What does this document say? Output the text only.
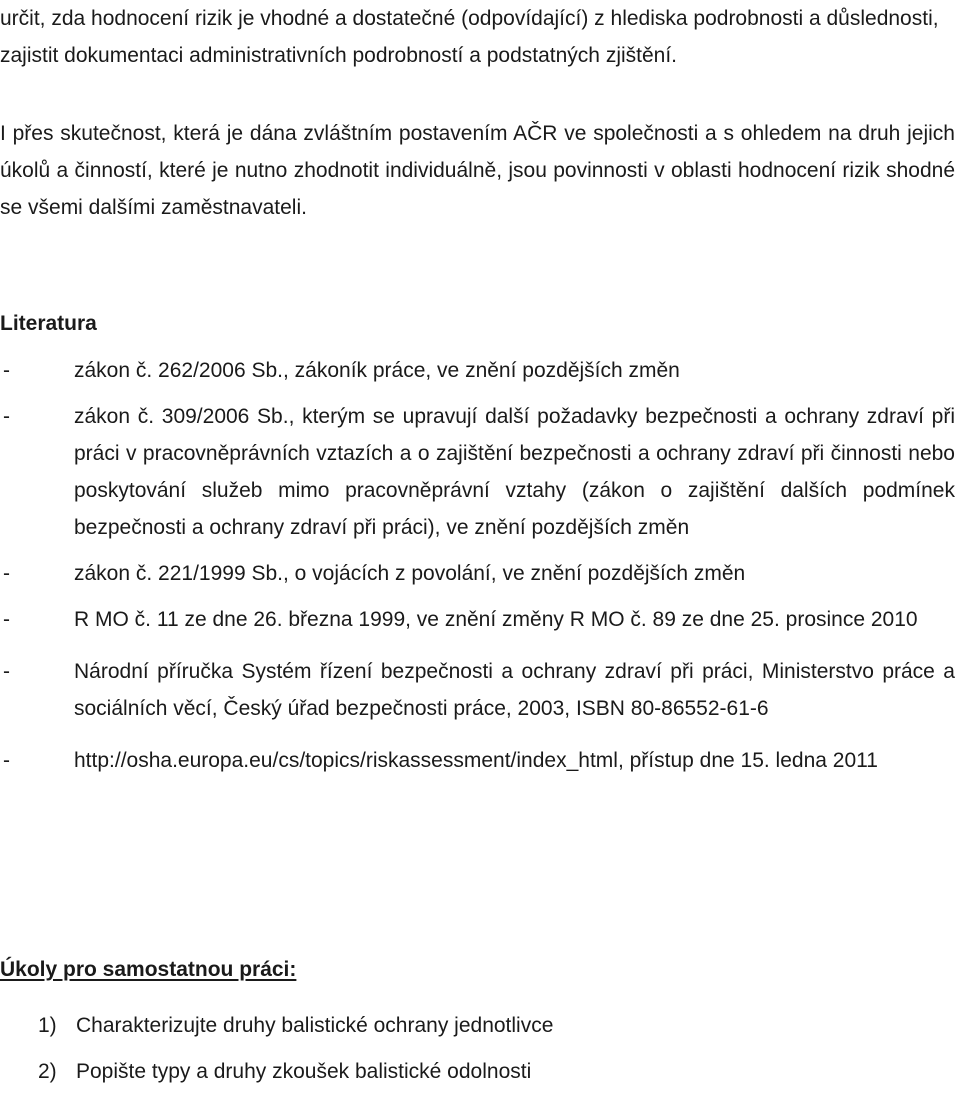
určit, zda hodnocení rizik je vhodné a dostatečné (odpovídající) z hlediska podrobnosti a důslednosti,

zajistit dokumentaci administrativních podrobností a podstatných zjištění.

I přes skutečnost, která je dána zvláštním postavením AČR ve společnosti a s ohledem na druh jejich úkolů a činností, které je nutno zhodnotit individuálně, jsou povinnosti v oblasti hodnocení rizik shodné se všemi dalšími zaměstnavateli.

Literatura

-	zákon č. 262/2006 Sb., zákoník práce, ve znění pozdějších změn
-	zákon č. 309/2006 Sb., kterým se upravují další požadavky bezpečnosti a ochrany zdraví při práci v pracovněprávních vztazích a o zajištění bezpečnosti a ochrany zdraví při činnosti nebo poskytování služeb mimo pracovněprávní vztahy (zákon o zajištění dalších podmínek bezpečnosti a ochrany zdraví při práci), ve znění pozdějších změn
-	zákon č. 221/1999 Sb., o vojácích z povolání, ve znění pozdějších změn
-	R MO č. 11 ze dne 26. března 1999, ve znění změny R MO č. 89 ze dne 25. prosince 2010
-	Národní příručka Systém řízení bezpečnosti a ochrany zdraví při práci, Ministerstvo práce a sociálních věcí, Český úřad bezpečnosti práce, 2003, ISBN 80-86552-61-6
-	http://osha.europa.eu/cs/topics/riskassessment/index_html, přístup dne 15. ledna 2011

Úkoly pro samostatnou práci:

1) Charakterizujte druhy balistické ochrany jednotlivce
2) Popište typy a druhy zkoušek balistické odolnosti
